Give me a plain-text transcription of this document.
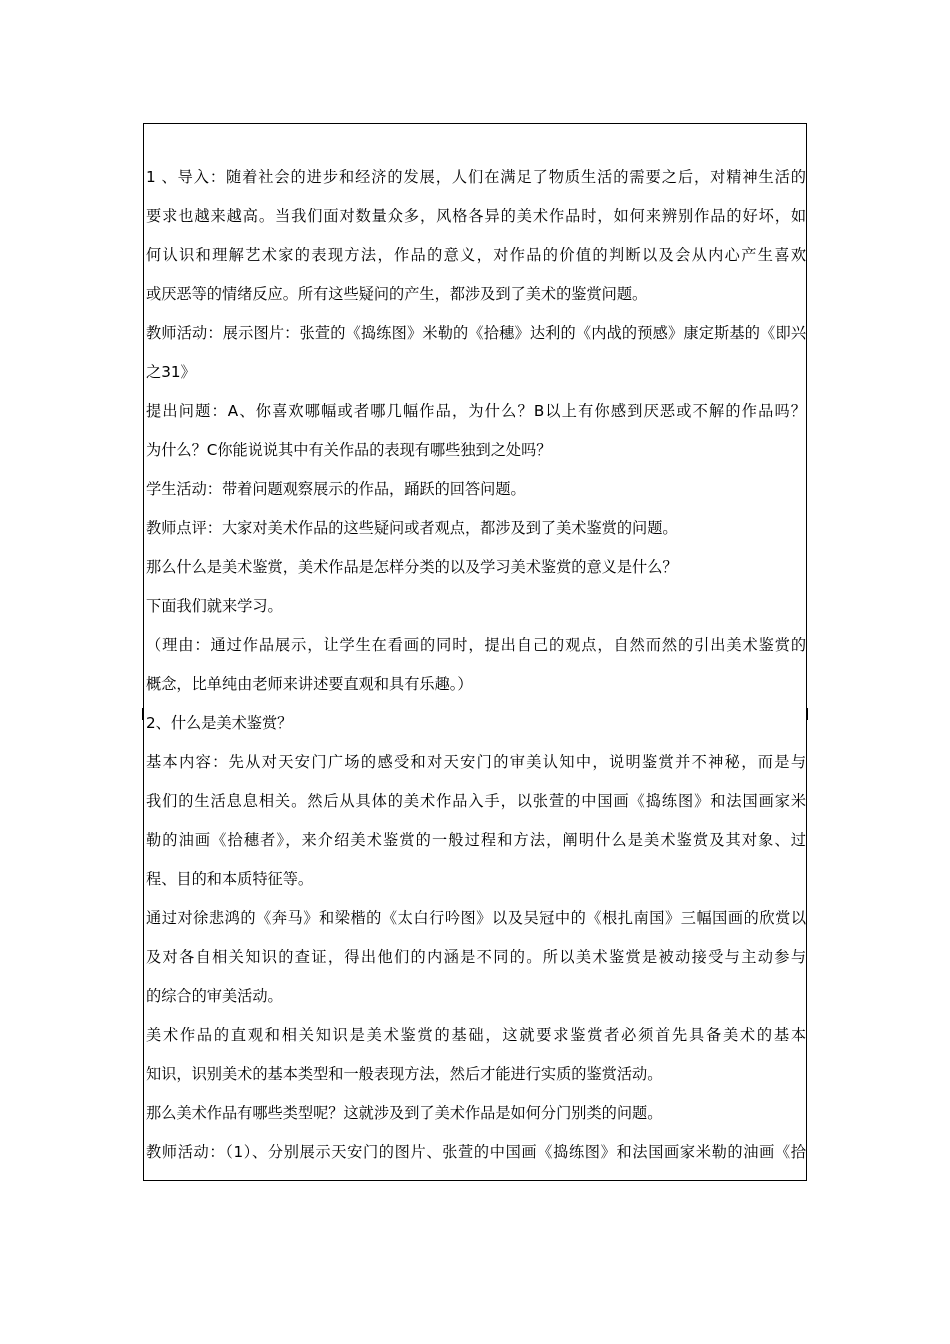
1 、导入：随着社会的进步和经济的发展，人们在满足了物质生活的需要之后，对精神生活的
要求也越来越高。当我们面对数量众多，风格各异的美术作品时，如何来辨别作品的好坏，如
何认识和理解艺术家的表现方法，作品的意义，对作品的价值的判断以及会从内心产生喜欢
或厌恶等的情绪反应。所有这些疑问的产生，都涉及到了美术的鉴赏问题。
教师活动：展示图片：张萱的《捣练图》米勒的《拾穗》达利的《内战的预感》康定斯基的《即兴
之31》
提出问题：A、你喜欢哪幅或者哪几幅作品，为什么？B以上有你感到厌恶或不解的作品吗？
为什么？C你能说说其中有关作品的表现有哪些独到之处吗？
学生活动：带着问题观察展示的作品，踊跃的回答问题。
教师点评：大家对美术作品的这些疑问或者观点，都涉及到了美术鉴赏的问题。
那么什么是美术鉴赏，美术作品是怎样分类的以及学习美术鉴赏的意义是什么？
下面我们就来学习。
（理由：通过作品展示，让学生在看画的同时，提出自己的观点，自然而然的引出美术鉴赏的
概念，比单纯由老师来讲述要直观和具有乐趣。）
2、什么是美术鉴赏？
基本内容：先从对天安门广场的感受和对天安门的审美认知中，说明鉴赏并不神秘，而是与
我们的生活息息相关。然后从具体的美术作品入手，以张萱的中国画《捣练图》和法国画家米
勒的油画《拾穗者》，来介绍美术鉴赏的一般过程和方法，阐明什么是美术鉴赏及其对象、过
程、目的和本质特征等。
通过对徐悲鸿的《奔马》和梁楷的《太白行吟图》以及吴冠中的《根扎南国》三幅国画的欣赏以
及对各自相关知识的查证，得出他们的内涵是不同的。所以美术鉴赏是被动接受与主动参与
的综合的审美活动。
美术作品的直观和相关知识是美术鉴赏的基础，这就要求鉴赏者必须首先具备美术的基本
知识，识别美术的基本类型和一般表现方法，然后才能进行实质的鉴赏活动。
那么美术作品有哪些类型呢？这就涉及到了美术作品是如何分门别类的问题。
教师活动：（1）、分别展示天安门的图片、张萱的中国画《捣练图》和法国画家米勒的油画《拾
